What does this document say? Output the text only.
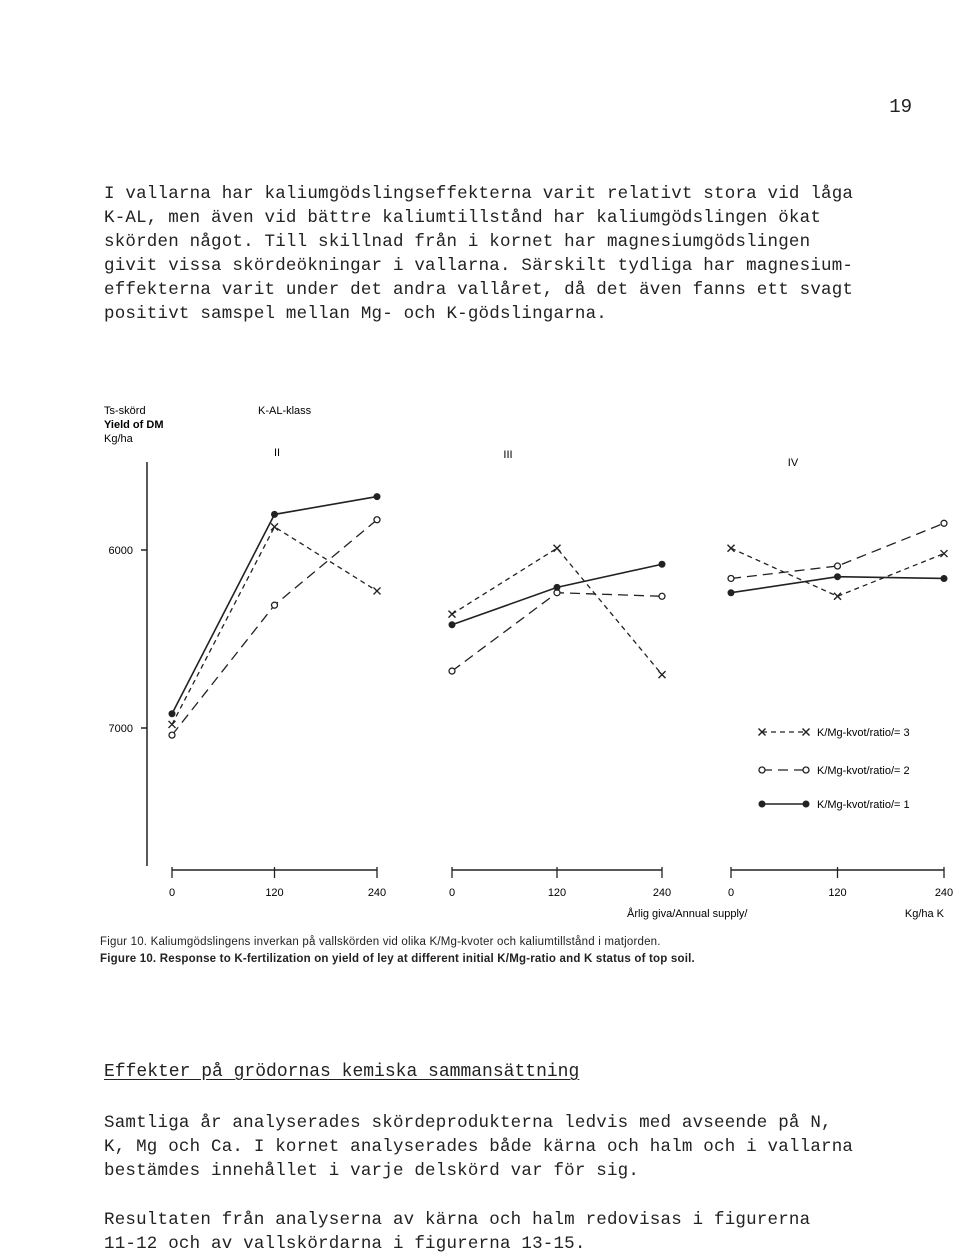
19
I vallarna har kaliumgödslingseffekterna varit relativt stora vid låga
K-AL, men även vid bättre kaliumtillstånd har kaliumgödslingen ökat
skörden något. Till skillnad från i kornet har magnesiumgödslingen
givit vissa skördeökningar i vallarna. Särskilt tydliga har magnesium-
effekterna varit under det andra vallåret, då det även fanns ett svagt
positivt samspel mellan Mg- och K-gödslingarna.
Ts-skörd
Yield of DM
Kg/ha
K-AL-klass
II	III
IV
6000
7000
0	120	240	0	120	240	0	120	240
K/Mg-kvot/ratio/= 3
K/Mg-kvot/ratio/= 2
K/Mg-kvot/ratio/= 1
Årlig giva/Annual supply/	Kg/ha K
Figur 10. Kaliumgödslingens inverkan på vallskörden vid olika K/Mg-kvoter och kaliumtillstånd i matjorden.
Figure 10. Response to K-fertilization on yield of ley at different initial K/Mg-ratio and K status of top soil.
Effekter på grödornas kemiska sammansättning
Samtliga år analyserades skördeprodukterna ledvis med avseende på N,
K, Mg och Ca. I kornet analyserades både kärna och halm och i vallarna
bestämdes innehållet i varje delskörd var för sig.
Resultaten från analyserna av kärna och halm redovisas i figurerna
11-12 och av vallskördarna i figurerna 13-15.
